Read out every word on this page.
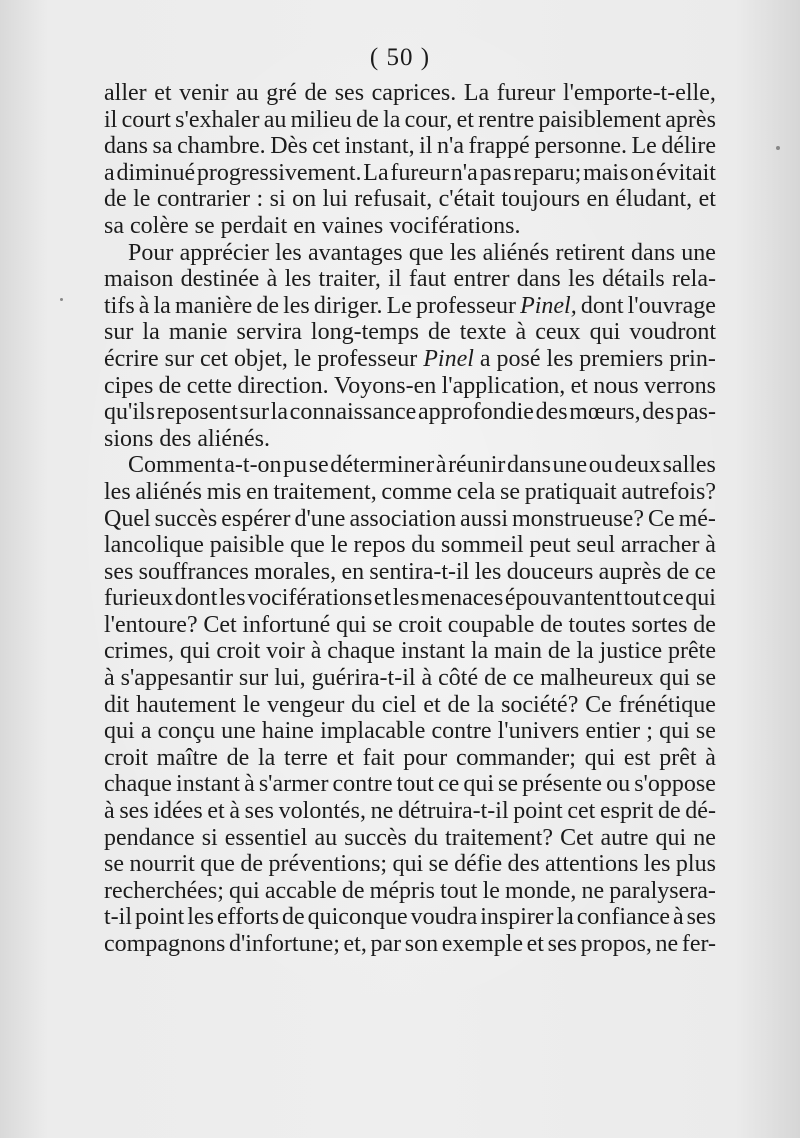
( 50 )
aller et venir au gré de ses caprices. La fureur l'emporte-t-elle,
il court s'exhaler au milieu de la cour, et rentre paisiblement après
dans sa chambre. Dès cet instant, il n'a frappé personne. Le délire
a diminué progressivement. La fureur n'a pas reparu; mais on évitait
de le contrarier : si on lui refusait, c'était toujours en éludant, et
sa colère se perdait en vaines vociférations.
Pour apprécier les avantages que les aliénés retirent dans une
maison destinée à les traiter, il faut entrer dans les détails rela-
tifs à la manière de les diriger. Le professeur Pinel, dont l'ouvrage
sur la manie servira long-temps de texte à ceux qui voudront
écrire sur cet objet, le professeur Pinel a posé les premiers prin-
cipes de cette direction. Voyons-en l'application, et nous verrons
qu'ils reposent sur la connaissance approfondie des mœurs, des pas-
sions des aliénés.
Comment a-t-on pu se déterminer à réunir dans une ou deux salles
les aliénés mis en traitement, comme cela se pratiquait autrefois?
Quel succès espérer d'une association aussi monstrueuse? Ce mé-
lancolique paisible que le repos du sommeil peut seul arracher à
ses souffrances morales, en sentira-t-il les douceurs auprès de ce
furieux dont les vociférations et les menaces épouvantent tout ce qui
l'entoure? Cet infortuné qui se croit coupable de toutes sortes de
crimes, qui croit voir à chaque instant la main de la justice prête
à s'appesantir sur lui, guérira-t-il à côté de ce malheureux qui se
dit hautement le vengeur du ciel et de la société? Ce frénétique
qui a conçu une haine implacable contre l'univers entier ; qui se
croit maître de la terre et fait pour commander; qui est prêt à
chaque instant à s'armer contre tout ce qui se présente ou s'oppose
à ses idées et à ses volontés, ne détruira-t-il point cet esprit de dé-
pendance si essentiel au succès du traitement? Cet autre qui ne
se nourrit que de préventions; qui se défie des attentions les plus
recherchées; qui accable de mépris tout le monde, ne paralysera-
t-il point les efforts de quiconque voudra inspirer la confiance à ses
compagnons d'infortune; et, par son exemple et ses propos, ne fer-
